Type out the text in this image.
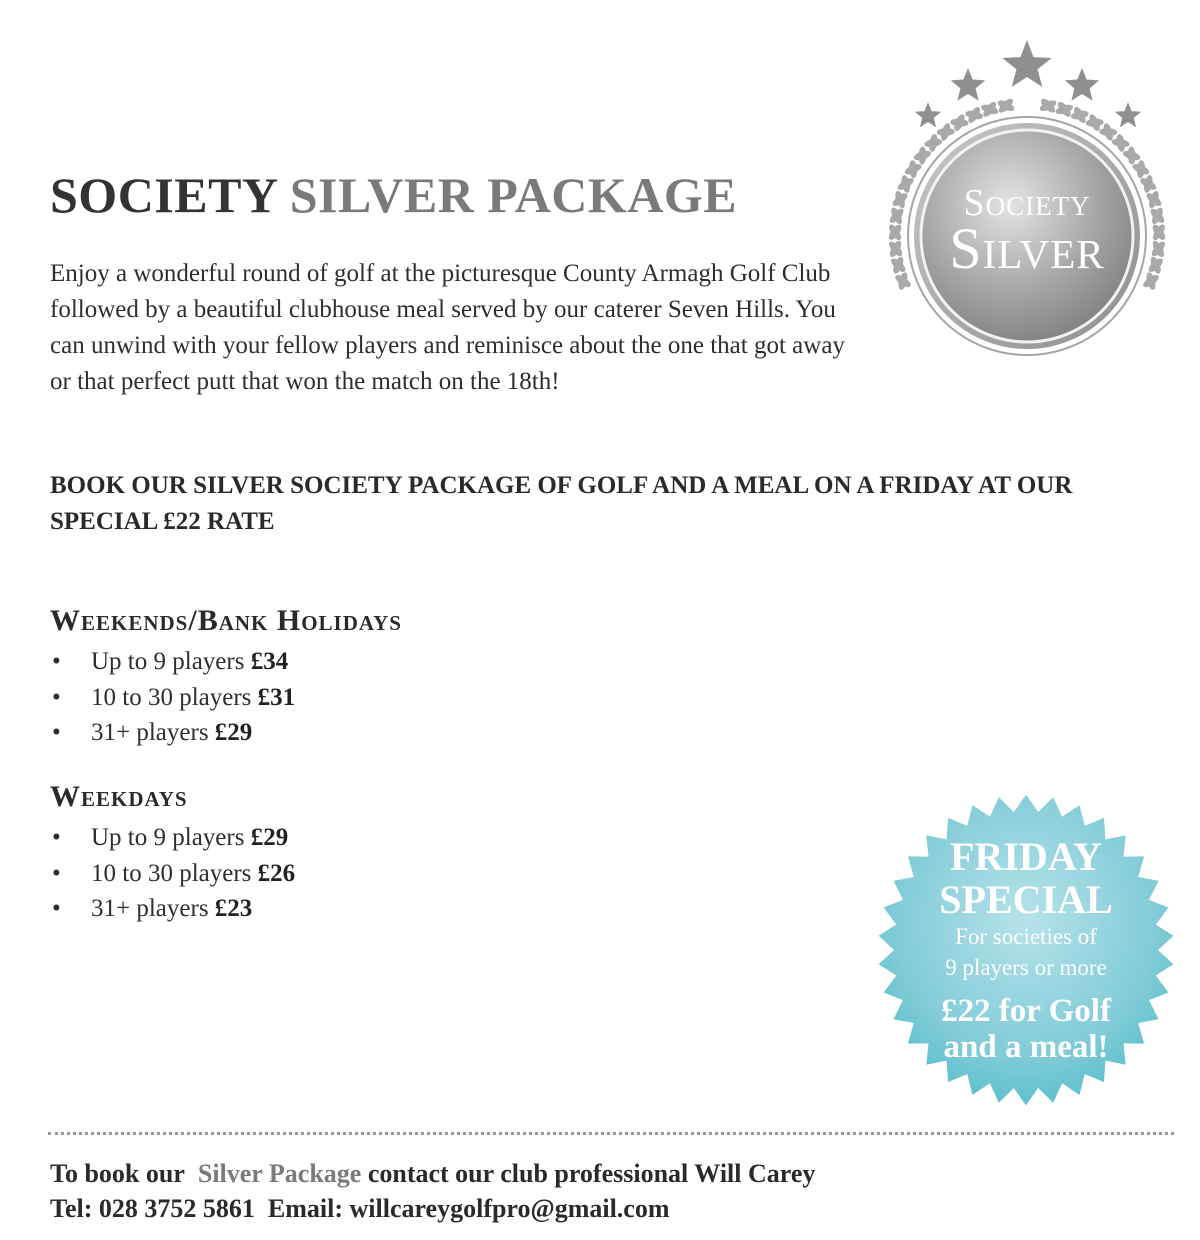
SOCIETY SILVER PACKAGE

Enjoy a wonderful round of golf at the picturesque County Armagh Golf Club followed by a beautiful clubhouse meal served by our caterer Seven Hills. You can unwind with your fellow players and reminisce about the one that got away or that perfect putt that won the match on the 18th!

BOOK OUR SILVER SOCIETY PACKAGE OF GOLF AND A MEAL ON A FRIDAY AT OUR SPECIAL £22 RATE

Weekends/Bank Holidays
• Up to 9 players £34
• 10 to 30 players £31
• 31+ players £29
Weekdays
• Up to 9 players £29
• 10 to 30 players £26
• 31+ players £23
Society
Silver
FRIDAY
SPECIAL
For societies of
9 players or more
£22 for Golf
and a meal!

To book our Silver Package contact our club professional Will Carey
Tel: 028 3752 5861 Email: willcareygolfpro@gmail.com
